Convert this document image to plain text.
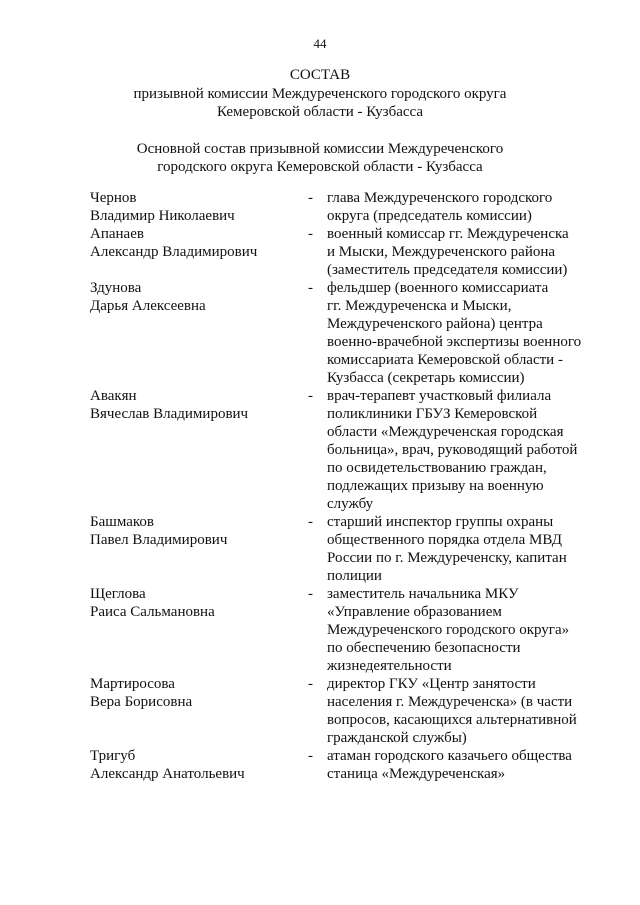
44
СОСТАВ
призывной комиссии Междуреченского городского округа
Кемеровской области - Кузбасса
Основной состав призывной комиссии Междуреченского
городского округа Кемеровской области - Кузбасса
Чернов
Владимир Николаевич
- глава Междуреченского городского
округа (председатель комиссии)
Апанаев
Александр Владимирович
- военный комиссар гг. Междуреченска
и Мыски, Междуреченского района
(заместитель председателя комиссии)
Здунова
Дарья Алексеевна
- фельдшер (военного комиссариата
гг. Междуреченска и Мыски,
Междуреченского района) центра
военно-врачебной экспертизы военного
комиссариата Кемеровской области -
Кузбасса (секретарь комиссии)
Авакян
Вячеслав Владимирович
- врач-терапевт участковый филиала
поликлиники ГБУЗ Кемеровской
области «Междуреченская городская
больница», врач, руководящий работой
по освидетельствованию граждан,
подлежащих призыву на военную
службу
Башмаков
Павел Владимирович
- старший инспектор группы охраны
общественного порядка отдела МВД
России по г. Междуреченску, капитан
полиции
Щеглова
Раиса Сальмановна
- заместитель начальника МКУ
«Управление образованием
Междуреченского городского округа»
по обеспечению безопасности
жизнедеятельности
Мартиросова
Вера Борисовна
- директор ГКУ «Центр занятости
населения г. Междуреченска» (в части
вопросов, касающихся альтернативной
гражданской службы)
Тригуб
Александр Анатольевич
- атаман городского казачьего общества
станица «Междуреченская»
